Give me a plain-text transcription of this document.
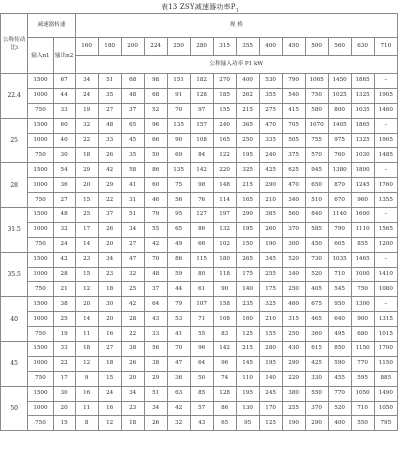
表13 ZSY减速器功率$P_1$
公称传动比i	减速器转速		规 格													
	输入n1	输出n2	160	180	200	224	250	280	315	355	400	450	500	560	630	710
			公称输入功率 P1 kW													
22.4	1500	67	34	51	68	98	151	182	270	400	530	790	1065	1450	1865	–
	1000	44	24	35	48	68	91	128	185	262	355	540	750	1025	1325	1905
	750	33	19	27	37	52	70	97	155	215	275	415	580	800	1035	1460
25	1500	60	32	48	65	96	135	157	240	365	470	705	1070	1405	1865	–
	1000	40	22	33	45	66	90	108	165	250	335	505	755	975	1325	1905
	750	30	18	26	35	50	69	84	122	195	240	375	570	760	1030	1485
28	1500	54	29	42	58	86	135	142	220	325	425	625	945	1380	1800	–
	1000	36	20	29	41	60	75	98	148	215	290	470	650	870	1245	1760
	750	27	15	22	31	46	56	76	114	165	210	340	510	670	960	1355
31.5	1500	48	25	37	51	79	95	127	197	290	385	560	840	1140	1600	–
	1000	32	17	26	34	55	65	86	132	195	260	370	585	790	1110	1565
	750	24	14	20	27	42	49	66	102	150	190	300	450	605	855	1200
35.5	1500	42	23	34	47	70	86	115	180	265	345	520	730	1035	1465	–
	1000	28	15	23	32	48	59	80	118	175	255	340	520	710	1000	1410
	750	21	12	18	25	37	44	61	90	140	175	250	405	545	750	1080
40	1500	38	20	30	42	64	79	107	158	235	325	460	675	950	1300	–
	1000	25	14	20	28	43	53	71	108	160	210	315	465	640	900	1315
	750	19	11	16	22	33	41	55	83	125	155	250	360	495	680	1015
45	1500	33	18	27	38	56	70	96	142	215	280	430	615	850	1150	1700
	1000	22	12	18	26	38	47	64	96	145	195	290	425	590	770	1150
	750	17	9	15	20	29	36	50	74	110	140	220	330	455	595	885
50	1500	30	16	24	34	51	63	85	128	195	245	380	550	770	1050	1490
	1000	20	11	16	23	34	42	57	86	130	170	255	370	520	710	1050
	750	15	8	12	18	26	32	43	65	95	125	190	290	400	550	795
